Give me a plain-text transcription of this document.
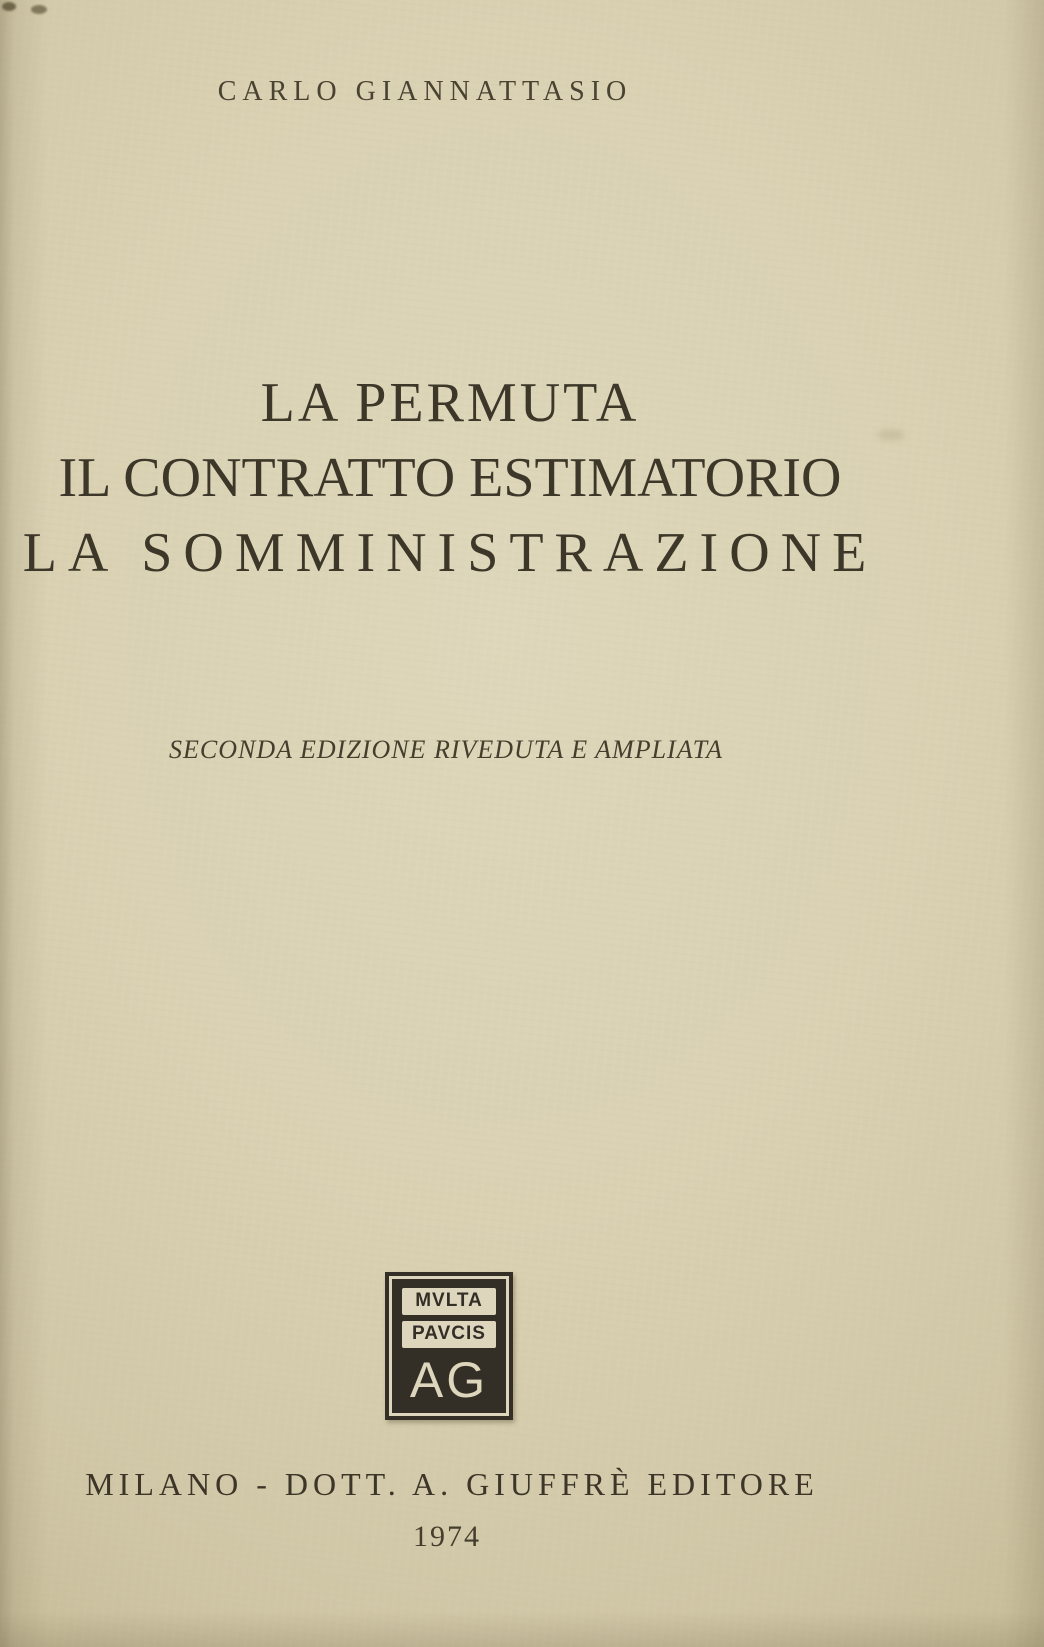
CARLO GIANNATTASIO
LA PERMUTA
IL CONTRATTO ESTIMATORIO
LA SOMMINISTRAZIONE
SECONDA EDIZIONE RIVEDUTA E AMPLIATA
MVLTA
PAVCIS
AG
MILANO - DOTT. A. GIUFFRÈ EDITORE
1974
